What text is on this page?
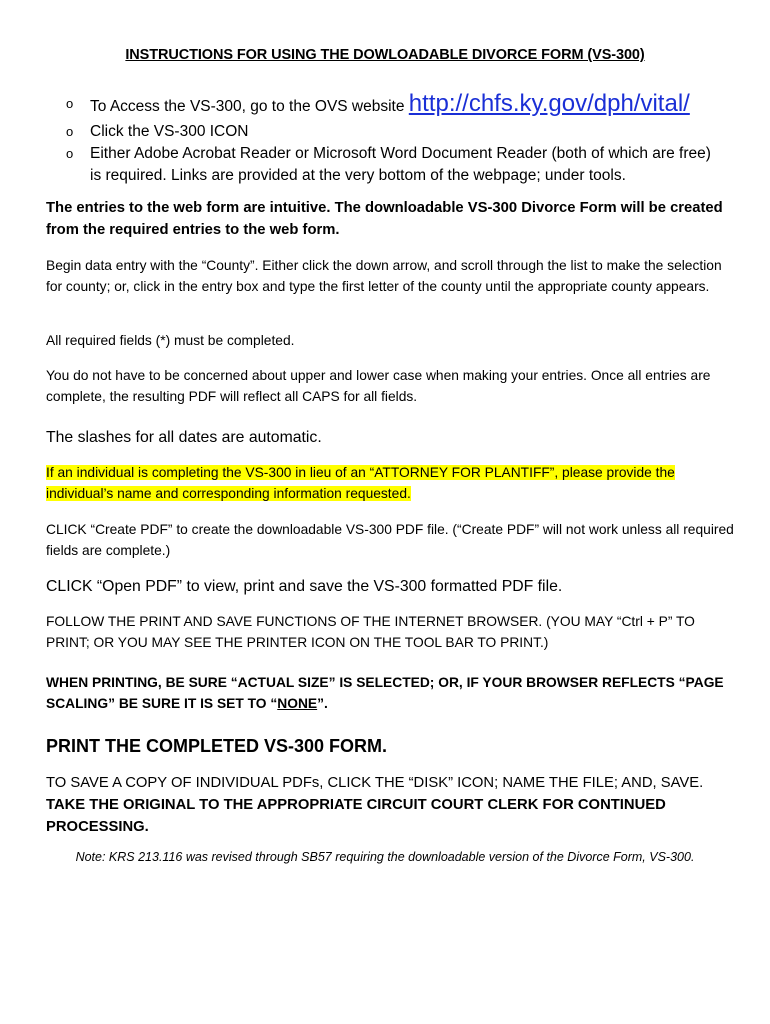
INSTRUCTIONS FOR USING THE DOWLOADABLE DIVORCE FORM (VS-300)
o To Access the VS-300, go to the OVS website http://chfs.ky.gov/dph/vital/
o Click the VS-300 ICON
o Either Adobe Acrobat Reader or Microsoft Word Document Reader (both of which are free) is required. Links are provided at the very bottom of the webpage; under tools.

The entries to the web form are intuitive. The downloadable VS-300 Divorce Form will be created from the required entries to the web form.

Begin data entry with the “County”. Either click the down arrow, and scroll through the list to make the selection for county; or, click in the entry box and type the first letter of the county until the appropriate county appears.

All required fields (*) must be completed.

You do not have to be concerned about upper and lower case when making your entries. Once all entries are complete, the resulting PDF will reflect all CAPS for all fields.

The slashes for all dates are automatic.

If an individual is completing the VS-300 in lieu of an “ATTORNEY FOR PLANTIFF”, please provide the individual’s name and corresponding information requested.

CLICK “Create PDF” to create the downloadable VS-300 PDF file. (“Create PDF” will not work unless all required fields are complete.)

CLICK “Open PDF” to view, print and save the VS-300 formatted PDF file.

FOLLOW THE PRINT AND SAVE FUNCTIONS OF THE INTERNET BROWSER. (YOU MAY “Ctrl + P” TO PRINT; OR YOU MAY SEE THE PRINTER ICON ON THE TOOL BAR TO PRINT.)

WHEN PRINTING, BE SURE “ACTUAL SIZE” IS SELECTED; OR, IF YOUR BROWSER REFLECTS “PAGE SCALING” BE SURE IT IS SET TO “NONE”.

PRINT THE COMPLETED VS-300 FORM.

TO SAVE A COPY OF INDIVIDUAL PDFs, CLICK THE “DISK” ICON; NAME THE FILE; AND, SAVE.

TAKE THE ORIGINAL TO THE APPROPRIATE CIRCUIT COURT CLERK FOR CONTINUED PROCESSING.

Note: KRS 213.116 was revised through SB57 requiring the downloadable version of the Divorce Form, VS-300.
